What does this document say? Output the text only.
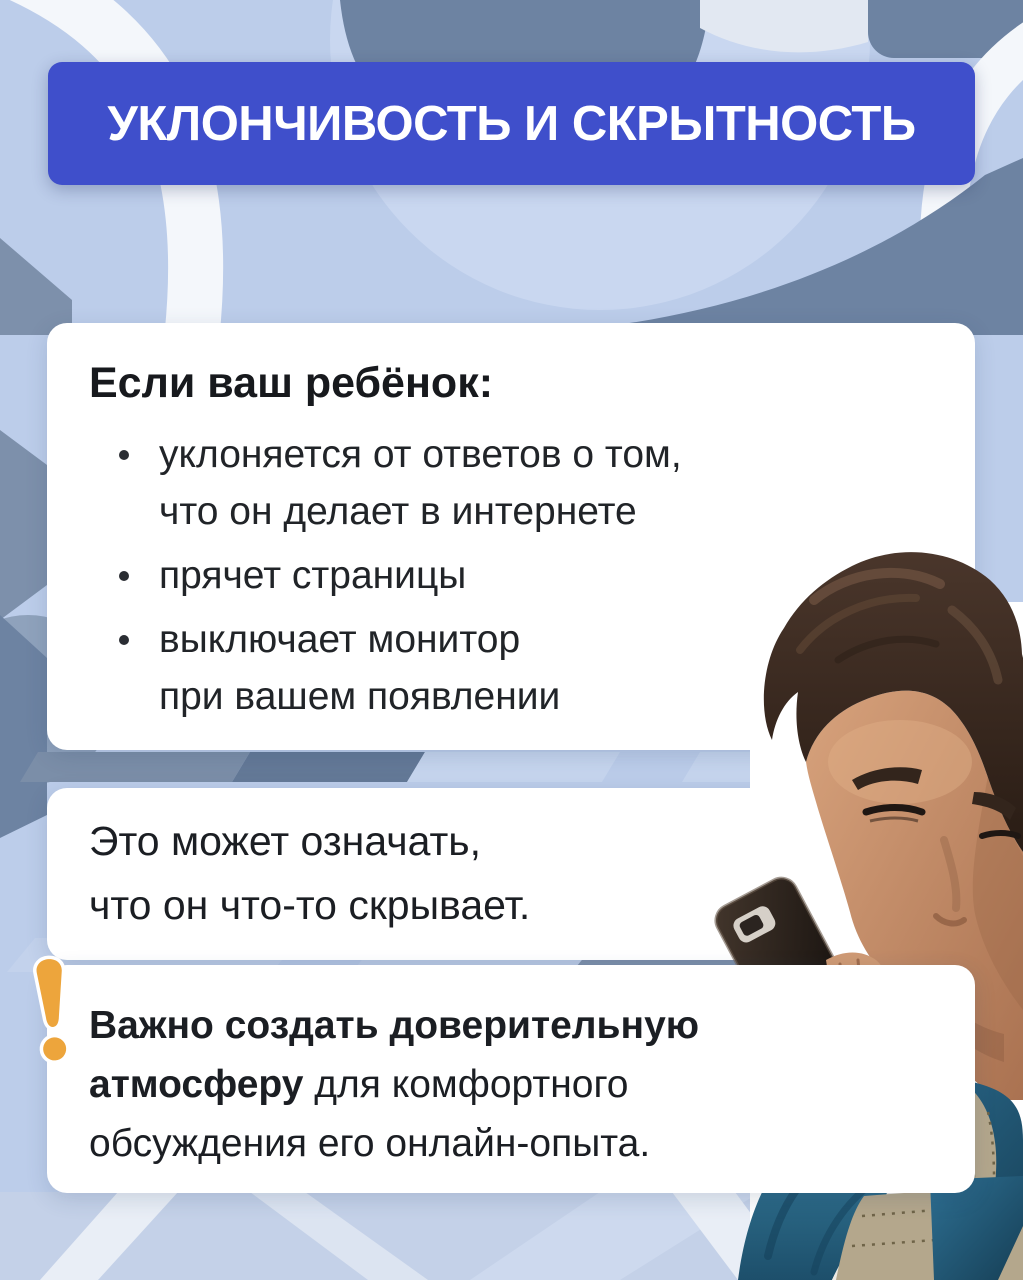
УКЛОНЧИВОСТЬ И СКРЫТНОСТЬ
Если ваш ребёнок:
уклоняется от ответов о том,
что он делает в интернете
прячет страницы
выключает монитор
при вашем появлении

Это может означать,
что он что-то скрывает.

Важно создать доверительную
атмосферу для комфортного
обсуждения его онлайн-опыта.
